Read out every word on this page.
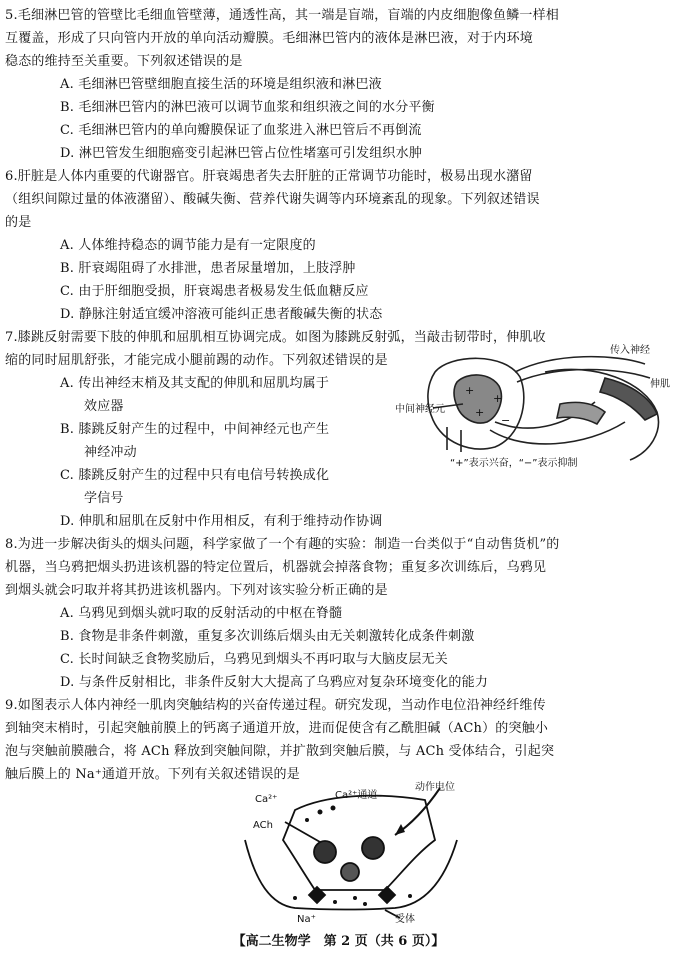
5.毛细淋巴管的管壁比毛细血管壁薄，通透性高，其一端是盲端，盲端的内皮细胞像鱼鳞一样相
互覆盖，形成了只向管内开放的单向活动瓣膜。毛细淋巴管内的液体是淋巴液，对于内环境
稳态的维持至关重要。下列叙述错误的是
A. 毛细淋巴管壁细胞直接生活的环境是组织液和淋巴液
B. 毛细淋巴管内的淋巴液可以调节血浆和组织液之间的水分平衡
C. 毛细淋巴管内的单向瓣膜保证了血浆进入淋巴管后不再倒流
D. 淋巴管发生细胞癌变引起淋巴管占位性堵塞可引发组织水肿
6.肝脏是人体内重要的代谢器官。肝衰竭患者失去肝脏的正常调节功能时，极易出现水潴留
（组织间隙过量的体液潴留）、酸碱失衡、营养代谢失调等内环境紊乱的现象。下列叙述错误
的是
A. 人体维持稳态的调节能力是有一定限度的
B. 肝衰竭阻碍了水排泄，患者尿量增加，上肢浮肿
C. 由于肝细胞受损，肝衰竭患者极易发生低血糖反应
D. 静脉注射适宜缓冲溶液可能纠正患者酸碱失衡的状态
7.膝跳反射需要下肢的伸肌和屈肌相互协调完成。如图为膝跳反射弧，当敲击韧带时，伸肌收
缩的同时屈肌舒张，才能完成小腿前踢的动作。下列叙述错误的是
A. 传出神经末梢及其支配的伸肌和屈肌均属于
效应器
B. 膝跳反射产生的过程中，中间神经元也产生
神经冲动
C. 膝跳反射产生的过程中只有电信号转换成化
学信号
D. 伸肌和屈肌在反射中作用相反，有利于维持动作协调
传入神经
伸肌
屈肌
中间神经元
+
+
+
−
“+”表示兴奋，“−”表示抑制
8.为进一步解决街头的烟头问题，科学家做了一个有趣的实验：制造一台类似于“自动售货机”的
机器，当乌鸦把烟头扔进该机器的特定位置后，机器就会掉落食物；重复多次训练后，乌鸦见
到烟头就会叼取并将其扔进该机器内。下列对该实验分析正确的是
A. 乌鸦见到烟头就叼取的反射活动的中枢在脊髓
B. 食物是非条件刺激，重复多次训练后烟头由无关刺激转化成条件刺激
C. 长时间缺乏食物奖励后，乌鸦见到烟头不再叼取与大脑皮层无关
D. 与条件反射相比，非条件反射大大提高了乌鸦应对复杂环境变化的能力
9.如图表示人体内神经一肌肉突触结构的兴奋传递过程。研究发现，当动作电位沿神经纤维传
到轴突末梢时，引起突触前膜上的钙离子通道开放，进而促使含有乙酰胆碱（ACh）的突触小
泡与突触前膜融合，将 ACh 释放到突触间隙，并扩散到突触后膜，与 ACh 受体结合，引起突
触后膜上的 Na⁺通道开放。下列有关叙述错误的是
动作电位
Ca²⁺	Ca²⁺通道
ACh
受体
Na⁺
【高二生物学　第 2 页（共 6 页）】
